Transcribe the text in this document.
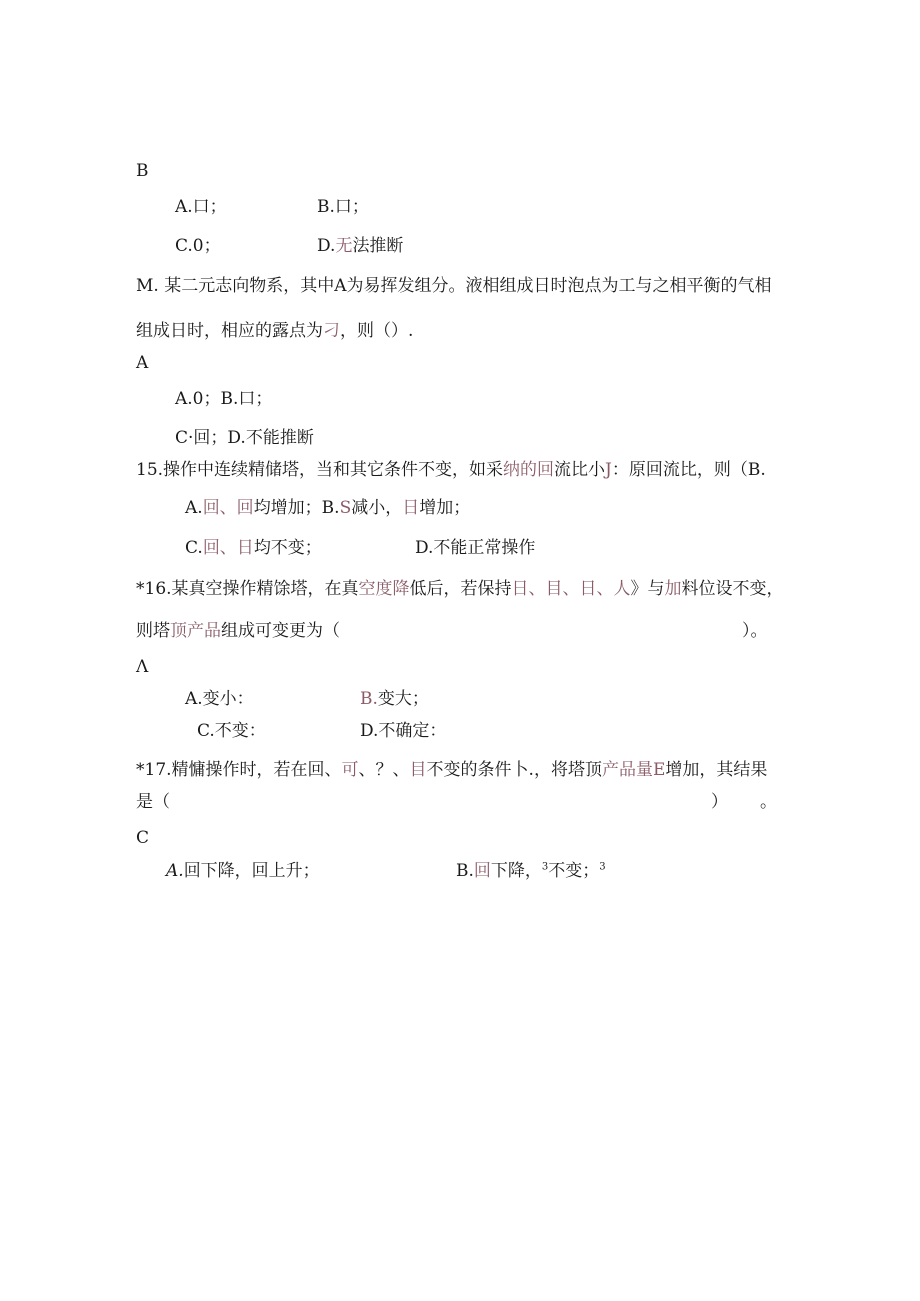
B
A.口；	B.口；
C.0；	D.无法推断
M. 某二元志向物系，其中A为易挥发组分。液相组成日时泡点为工与之相平衡的气相
组成日时，相应的露点为刁，则（）.
A
A.0；B.口；
C·回；D.不能推断
15.操作中连续精储塔，当和其它条件不变，如采纳的回流比小J：原回流比，则（B.
A.回、回均增加；B.S减小，日增加；
C.回、日均不变；	D.不能正常操作
*16.某真空操作精馀塔，在真空度降低后，若保持日、目、日、人》与加料位设不变，
则塔顶产品组成可变更为（	）。
Λ
A.变小：	B.变大；
C.不变：	D.不确定：
*17.精慵操作时，若在回、可、？、目不变的条件卜.，将塔顶产品量E增加，其结果
是（	） 。
C
A.回下降，回上升；	B.回下降，$^3$不变；$^3$
